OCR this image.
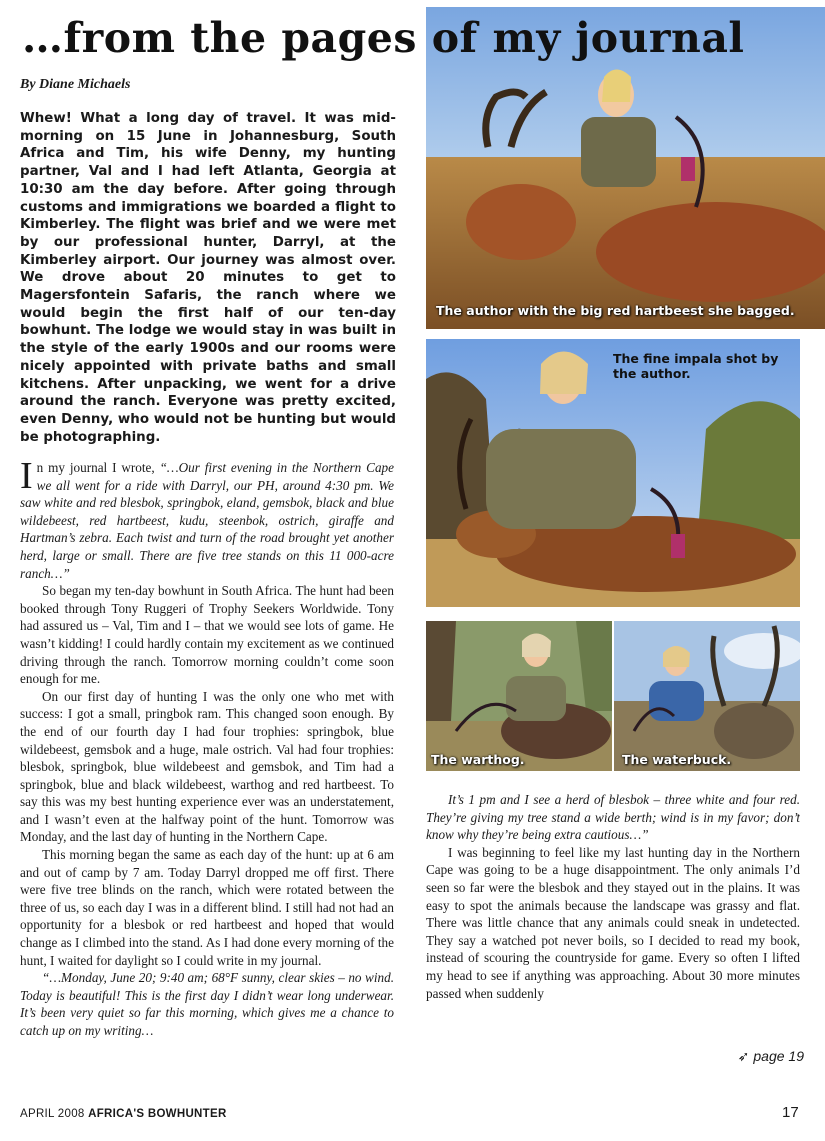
…from the pages of my journal
By Diane Michaels
Whew! What a long day of travel. It was mid-morning on 15 June in Johannesburg, South Africa and Tim, his wife Denny, my hunting partner, Val and I had left Atlanta, Georgia at 10:30 am the day before. After going through customs and immigrations we boarded a flight to Kimberley. The flight was brief and we were met by our professional hunter, Darryl, at the Kimberley airport. Our journey was almost over. We drove about 20 minutes to get to Magersfontein Safaris, the ranch where we would begin the first half of our ten-day bowhunt. The lodge we would stay in was built in the style of the early 1900s and our rooms were nicely appointed with private baths and small kitchens. After unpacking, we went for a drive around the ranch. Everyone was pretty excited, even Denny, who would not be hunting but would be photographing.

In my journal I wrote, “…Our first evening in the Northern Cape we all went for a ride with Darryl, our PH, around 4:30 pm. We saw white and red blesbok, springbok, eland, gemsbok, black and blue wildebeest, red hartbeest, kudu, steenbok, ostrich, giraffe and Hartman’s zebra. Each twist and turn of the road brought yet another herd, large or small. There are five tree stands on this 11 000-acre ranch…”

So began my ten-day bowhunt in South Africa. The hunt had been booked through Tony Ruggeri of Trophy Seekers Worldwide. Tony had assured us – Val, Tim and I – that we would see lots of game. He wasn’t kidding! I could hardly contain my excitement as we continued driving through the ranch. Tomorrow morning couldn’t come soon enough for me.

On our first day of hunting I was the only one who met with success: I got a small, pringbok ram. This changed soon enough. By the end of our fourth day I had four trophies: springbok, blue wildebeest, gemsbok and a huge, male ostrich. Val had four trophies: blesbok, springbok, blue wildebeest and gemsbok, and Tim had a springbok, blue and black wildebeest, warthog and red hartbeest. To say this was my best hunting experience ever was an understatement, and I wasn’t even at the halfway point of the hunt. Tomorrow was Monday, and the last day of hunting in the Northern Cape.

This morning began the same as each day of the hunt: up at 6 am and out of camp by 7 am. Today Darryl dropped me off first. There were five tree blinds on the ranch, which were rotated between the three of us, so each day I was in a different blind. I still had not had an opportunity for a blesbok or red hartbeest and hoped that would change as I climbed into the stand. As I had done every morning of the hunt, I waited for daylight so I could write in my journal.

“…Monday, June 20; 9:40 am; 68°F sunny, clear skies – no wind. Today is beautiful! This is the first day I didn’t wear long underwear. It’s been very quiet so far this morning, which gives me a chance to catch up on my writing…

It’s 1 pm and I see a herd of blesbok – three white and four red. They’re giving my tree stand a wide berth; wind is in my favor; don’t know why they’re being extra cautious…”

I was beginning to feel like my last hunting day in the Northern Cape was going to be a huge disappointment. The only animals I’d seen so far were the blesbok and they stayed out in the plains. It was easy to spot the animals because the landscape was grassy and flat. There was little chance that any animals could sneak in undetected. They say a watched pot never boils, so I decided to read my book, instead of scouring the countryside for game. Every so often I lifted my head to see if anything was approaching. About 30 more minutes passed when suddenly

➶ page 19
The author with the big red hartbeest she bagged.
The fine impala shot by the author.
The warthog.	The waterbuck.
APRIL 2008 AFRICA'S BOWHUNTER	17
